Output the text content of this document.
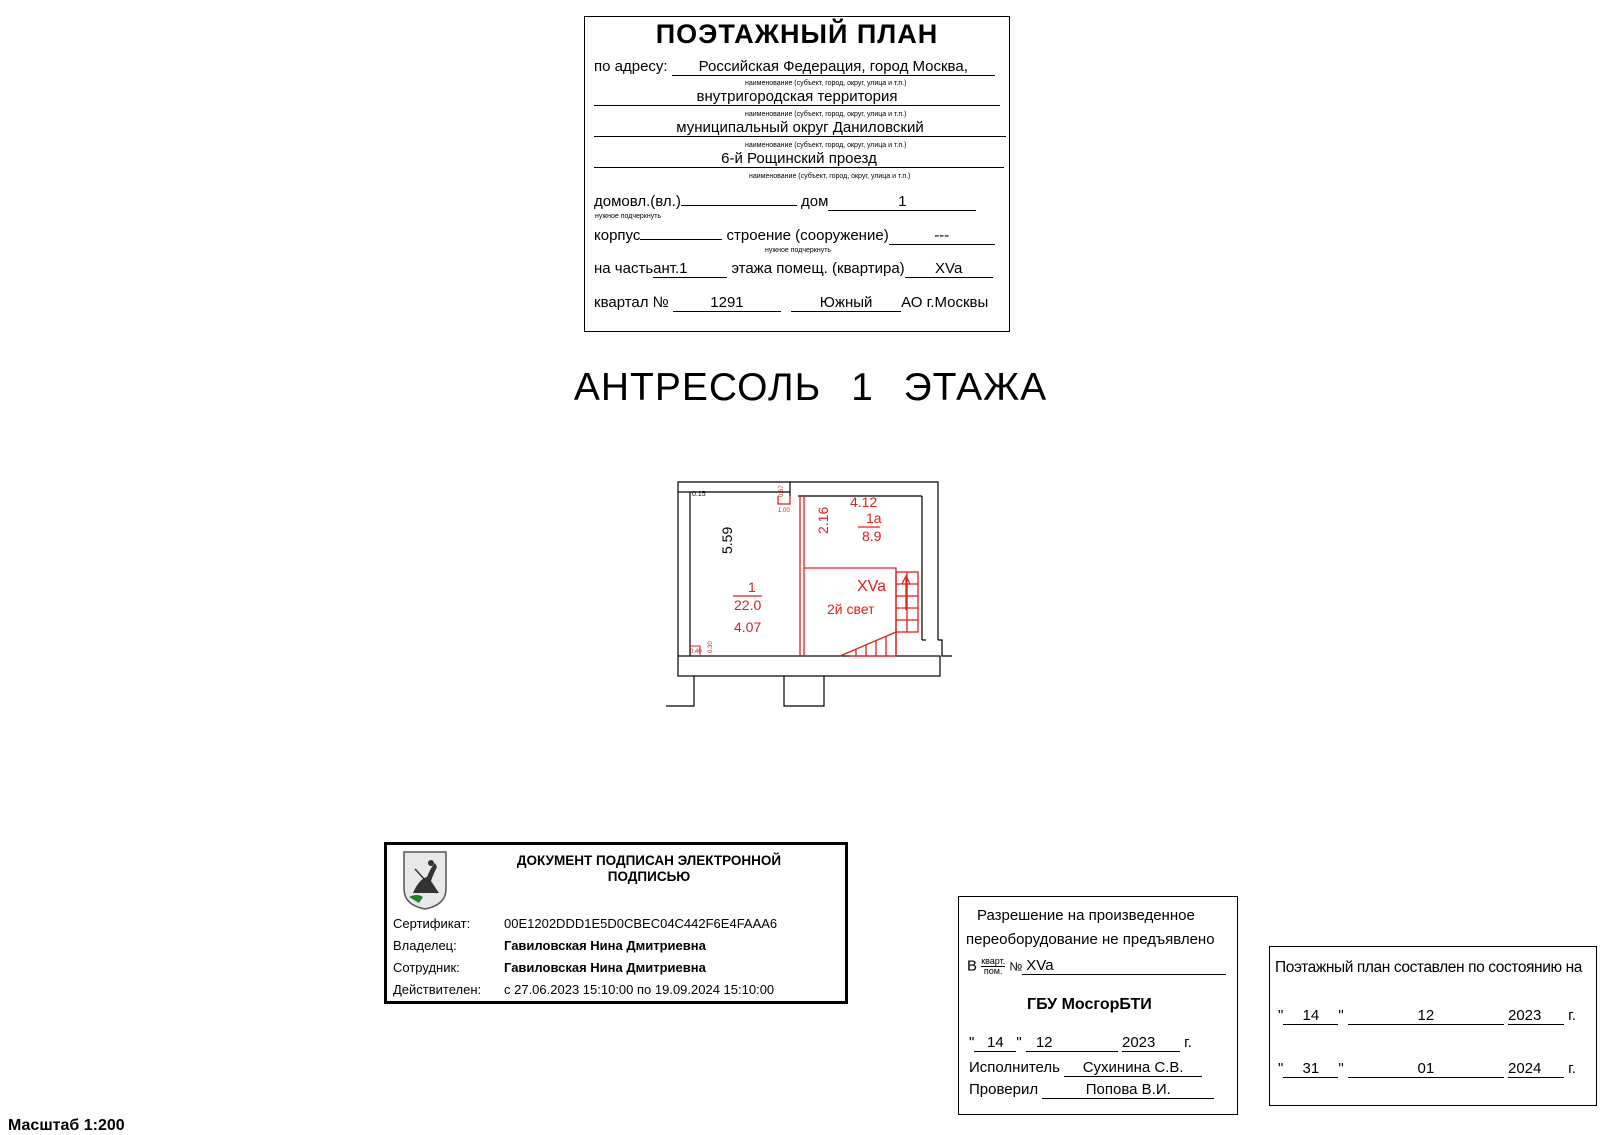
ПОЭТАЖНЫЙ ПЛАН
по адресу: Российская Федерация, город Москва,
наименование (субъект, город, округ, улица и т.п.)
внутригородская территория
наименование (субъект, город, округ, улица и т.п.)
муниципальный округ Даниловский
наименование (субъект, город, округ, улица и т.п.)
6-й Рощинский проезд
наименование (субъект, город, округ, улица и т.п.)
домовл.(вл.)	дом	1
нужное подчеркнуть
корпус	строение (сооружение)	---
нужное подчеркнуть
на частьант.1	этажа помещ. (квартира) XVa
квартал №	1291	Южный АО г.Москвы
АНТРЕСОЛЬ 1 ЭТАЖА
0.15	0.67
1.00 2.16
4.12
1а
8.9
5.59
1
22.0
4.07
XVa
2й свет
0.40 0.30
ДОКУМЕНТ ПОДПИСАН ЭЛЕКТРОННОЙ
ПОДПИСЬЮ
Сертификат:	00E1202DDD1E5D0CBEC04C442F6E4FAAA6
Владелец:	Гавиловская Нина Дмитриевна
Сотрудник:	Гавиловская Нина Дмитриевна
Действителен: с 27.06.2023 15:10:00 по 19.09.2024 15:10:00
Разрешение на произведенное
переоборудование не предъявлено
В кварт.
пом. № XVa
ГБУ МосгорБТИ
" 14 " 12	2023 г.
Исполнитель Сухинина С.В.
Проверил	Попова В.И.
Поэтажный план составлен по состоянию на
" 14 "	12	2023 г.
" 31 "	01	2024 г.
Масштаб 1:200
